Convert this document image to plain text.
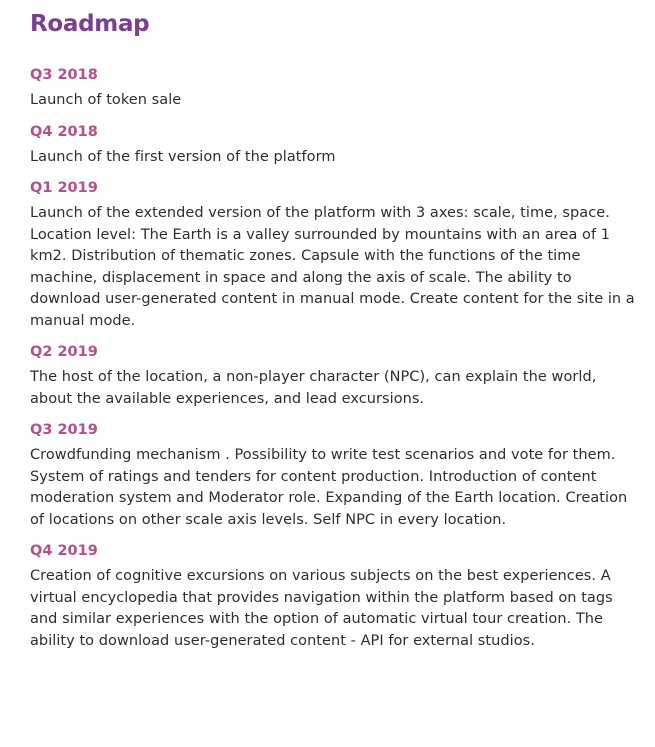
Roadmap
Q3 2018

Launch of token sale

Q4 2018

Launch of the first version of the platform

Q1 2019

Launch of the extended version of the platform with 3 axes: scale, time, space. Location level: The Earth is a valley surrounded by mountains with an area of 1 km2. Distribution of thematic zones. Capsule with the functions of the time machine, displacement in space and along the axis of scale. The ability to download user-generated content in manual mode. Create content for the site in a manual mode.

Q2 2019

The host of the location, a non-player character (NPC), can explain the world, about the available experiences, and lead excursions.

Q3 2019

Crowdfunding mechanism . Possibility to write test scenarios and vote for them. System of ratings and tenders for content production. Introduction of content moderation system and Moderator role. Expanding of the Earth location. Creation of locations on other scale axis levels. Self NPC in every location.

Q4 2019

Creation of cognitive excursions on various subjects on the best experiences. A virtual encyclopedia that provides navigation within the platform based on tags and similar experiences with the option of automatic virtual tour creation. The ability to download user-generated content - API for external studios.
